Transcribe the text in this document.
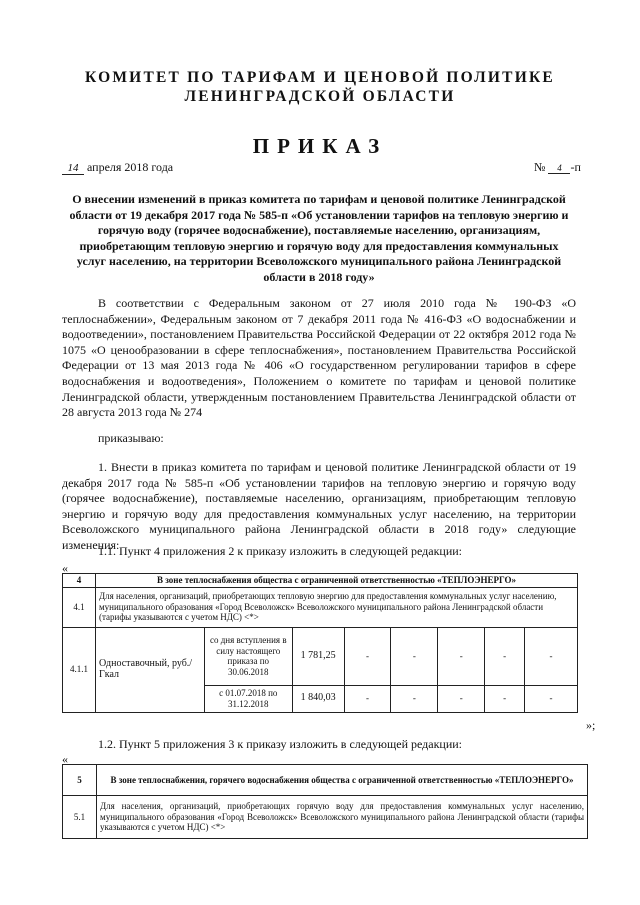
КОМИТЕТ ПО ТАРИФАМ И ЦЕНОВОЙ ПОЛИТИКЕ
ЛЕНИНГРАДСКОЙ ОБЛАСТИ
ПРИКАЗ
14 апреля 2018 года	№ 4 -п
О внесении изменений в приказ комитета по тарифам и ценовой политике Ленинградской области от 19 декабря 2017 года № 585-п «Об установлении тарифов на тепловую энергию и горячую воду (горячее водоснабжение), поставляемые населению, организациям, приобретающим тепловую энергию и горячую воду для предоставления коммунальных услуг населению, на территории Всеволожского муниципального района Ленинградской области в 2018 году»
В соответствии с Федеральным законом от 27 июля 2010 года № 190-ФЗ «О теплоснабжении», Федеральным законом от 7 декабря 2011 года № 416-ФЗ «О водоснабжении и водоотведении», постановлением Правительства Российской Федерации от 22 октября 2012 года № 1075 «О ценообразовании в сфере теплоснабжения», постановлением Правительства Российской Федерации от 13 мая 2013 года № 406 «О государственном регулировании тарифов в сфере водоснабжения и водоотведения», Положением о комитете по тарифам и ценовой политике Ленинградской области, утвержденным постановлением Правительства Ленинградской области от 28 августа 2013 года № 274
приказываю:
1. Внести в приказ комитета по тарифам и ценовой политике Ленинградской области от 19 декабря 2017 года № 585-п «Об установлении тарифов на тепловую энергию и горячую воду (горячее водоснабжение), поставляемые населению, организациям, приобретающим тепловую энергию и горячую воду для предоставления коммунальных услуг населению, на территории Всеволожского муниципального района Ленинградской области в 2018 году» следующие изменения:
1.1. Пункт 4 приложения 2 к приказу изложить в следующей редакции:
«
4	В зоне теплоснабжения общества с ограниченной ответственностью «ТЕПЛОЭНЕРГО»							
4.1	Для населения, организаций, приобретающих тепловую энергию для предоставления коммунальных услуг населению, муниципального образования «Город Всеволожск» Всеволожского муниципального района Ленинградской области (тарифы указываются с учетом НДС) <*>							
4.1.1	Одноставочный, руб./Гкал	со дня вступления в силу настоящего приказа по 30.06.2018	1 781,25	-	-	-	-	-
		с 01.07.2018 по 31.12.2018	1 840,03	-	-	-	-	-
»;
1.2. Пункт 5 приложения 3 к приказу изложить в следующей редакции:
«
5	В зоне теплоснабжения, горячего водоснабжения общества с ограниченной ответственностью «ТЕПЛОЭНЕРГО»
5.1	Для населения, организаций, приобретающих горячую воду для предоставления коммунальных услуг населению, муниципального образования «Город Всеволожск» Всеволожского муниципального района Ленинградской области (тарифы указываются с учетом НДС) <*>
